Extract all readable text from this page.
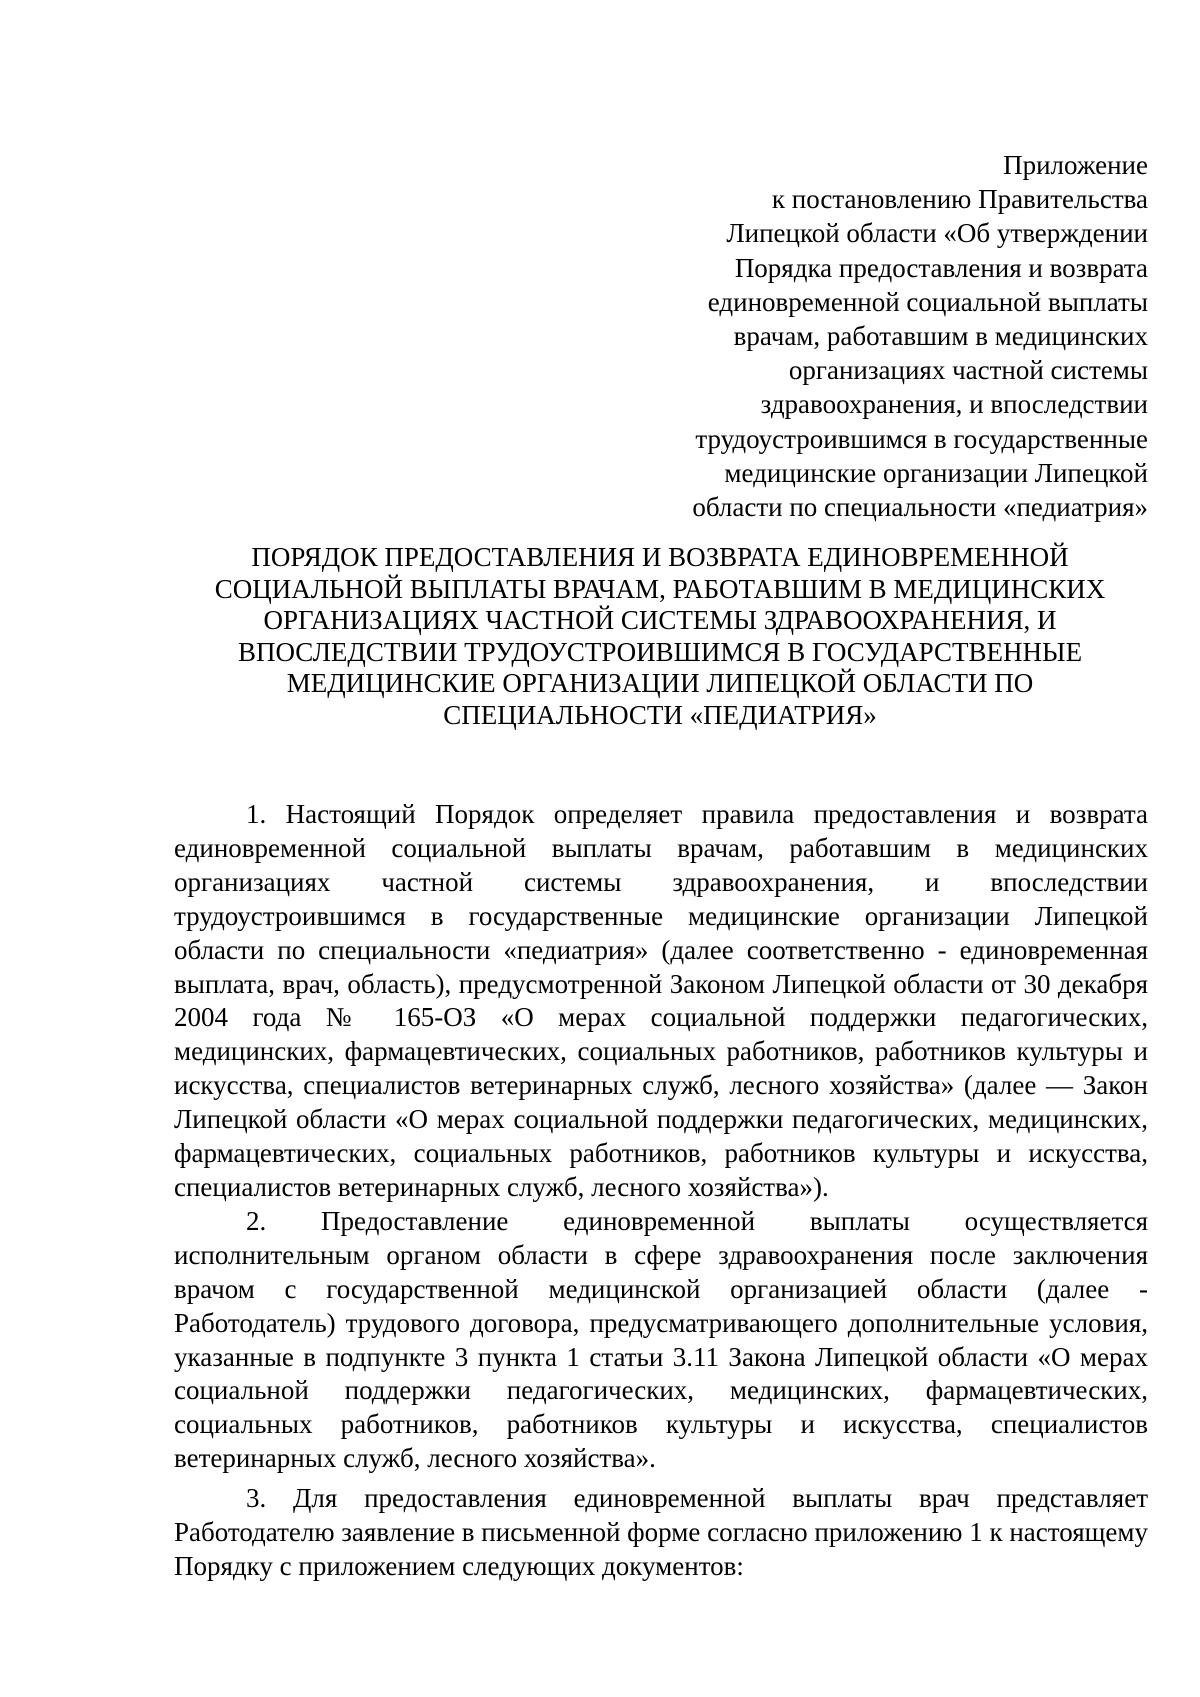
Приложение
к постановлению Правительства
Липецкой области «Об утверждении
Порядка предоставления и возврата
единовременной социальной выплаты
врачам, работавшим в медицинских
организациях частной системы
здравоохранения, и впоследствии
трудоустроившимся в государственные
медицинские организации Липецкой
области по специальности «педиатрия»
ПОРЯДОК ПРЕДОСТАВЛЕНИЯ И ВОЗВРАТА ЕДИНОВРЕМЕННОЙ
СОЦИАЛЬНОЙ ВЫПЛАТЫ ВРАЧАМ, РАБОТАВШИМ В МЕДИЦИНСКИХ
ОРГАНИЗАЦИЯХ ЧАСТНОЙ СИСТЕМЫ ЗДРАВООХРАНЕНИЯ, И
ВПОСЛЕДСТВИИ ТРУДОУСТРОИВШИМСЯ В ГОСУДАРСТВЕННЫЕ
МЕДИЦИНСКИЕ ОРГАНИЗАЦИИ ЛИПЕЦКОЙ ОБЛАСТИ ПО
СПЕЦИАЛЬНОСТИ «ПЕДИАТРИЯ»

1. Настоящий Порядок определяет правила предоставления и возврата единовременной социальной выплаты врачам, работавшим в медицинских организациях частной системы здравоохранения, и впоследствии трудоустроившимся в государственные медицинские организации Липецкой области по специальности «педиатрия» (далее соответственно - единовременная выплата, врач, область), предусмотренной Законом Липецкой области от 30 декабря 2004 года № 165-ОЗ «О мерах социальной поддержки педагогических, медицинских, фармацевтических, социальных работников, работников культуры и искусства, специалистов ветеринарных служб, лесного хозяйства» (далее — Закон Липецкой области «О мерах социальной поддержки педагогических, медицинских, фармацевтических, социальных работников, работников культуры и искусства, специалистов ветеринарных служб, лесного хозяйства»).

2. Предоставление единовременной выплаты осуществляется исполнительным органом области в сфере здравоохранения после заключения врачом с государственной медицинской организацией области (далее - Работодатель) трудового договора, предусматривающего дополнительные условия, указанные в подпункте 3 пункта 1 статьи 3.11 Закона Липецкой области «О мерах социальной поддержки педагогических, медицинских, фармацевтических, социальных работников, работников культуры и искусства, специалистов ветеринарных служб, лесного хозяйства».

3. Для предоставления единовременной выплаты врач представляет Работодателю заявление в письменной форме согласно приложению 1 к настоящему Порядку с приложением следующих документов:
